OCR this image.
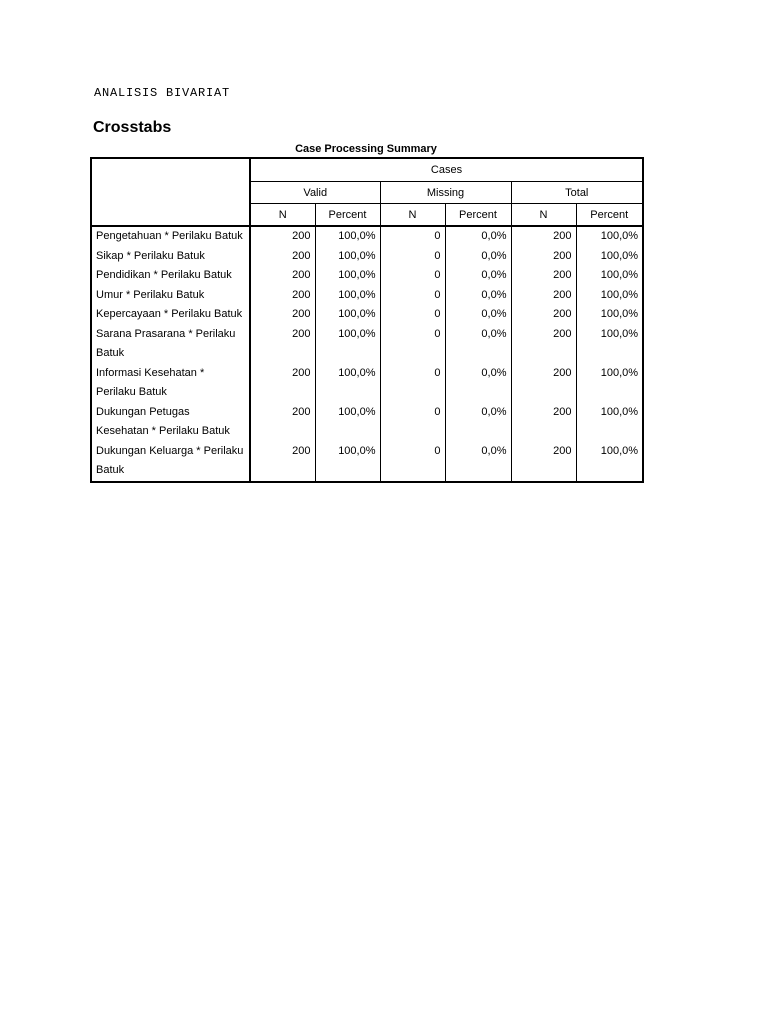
ANALISIS BIVARIAT
Crosstabs
Case Processing Summary
	Cases					
	Valid		Missing		Total	
	N	Percent	N	Percent	N	Percent
Pengetahuan * Perilaku Batuk	200	100,0%	0	0,0%	200	100,0%
Sikap * Perilaku Batuk	200	100,0%	0	0,0%	200	100,0%
Pendidikan * Perilaku Batuk	200	100,0%	0	0,0%	200	100,0%
Umur * Perilaku Batuk	200	100,0%	0	0,0%	200	100,0%
Kepercayaan * Perilaku Batuk	200	100,0%	0	0,0%	200	100,0%
Sarana Prasarana * Perilaku Batuk	200	100,0%	0	0,0%	200	100,0%
Informasi Kesehatan * Perilaku Batuk	200	100,0%	0	0,0%	200	100,0%
Dukungan Petugas Kesehatan * Perilaku Batuk	200	100,0%	0	0,0%	200	100,0%
Dukungan Keluarga * Perilaku Batuk	200	100,0%	0	0,0%	200	100,0%
